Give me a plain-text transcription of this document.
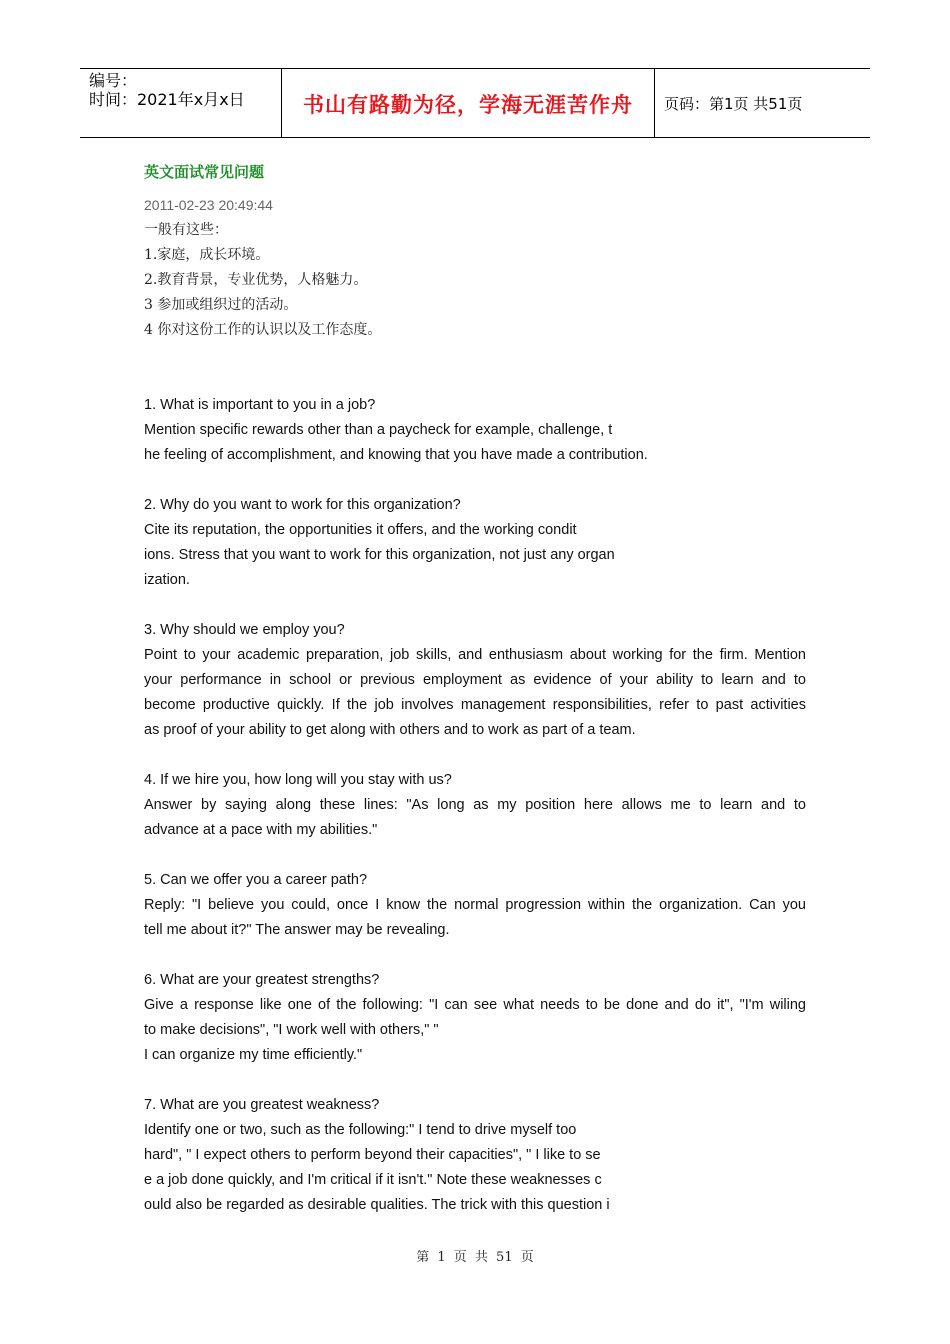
编号：
时间：2021年x月x日	书山有路勤为径，学海无涯苦作舟	页码：第1页 共51页
英文面试常见问题
2011-02-23 20:49:44
一般有这些：
1.家庭，成长环境。
2.教育背景，专业优势，人格魅力。
3 参加或组织过的活动。
4 你对这份工作的认识以及工作态度。
1. What is important to you in a job?
Mention specific rewards other than a paycheck for example, challenge, t
he feeling of accomplishment, and knowing that you have made a contribution.
2. Why do you want to work for this organization?
Cite its reputation, the opportunities it offers, and the working condit
ions. Stress that you want to work for this organization, not just any organ
ization.
3. Why should we employ you?
Point to your academic preparation, job skills, and enthusiasm about working for the firm. Mention
your performance in school or previous employment as evidence of your ability to learn and to
become productive quickly. If the job involves management responsibilities, refer to past activities
as proof of your ability to get along with others and to work as part of a team.
4. If we hire you, how long will you stay with us?
Answer by saying along these lines: "As long as my position here allows me to learn and to
advance at a pace with my abilities."
5. Can we offer you a career path?
Reply: "I believe you could, once I know the normal progression within the organization. Can you
tell me about it?" The answer may be revealing.
6. What are your greatest strengths?
Give a response like one of the following: "I can see what needs to be done and do it", "I'm wiling
to make decisions", "I work well with others," "
I can organize my time efficiently."
7. What are you greatest weakness?
Identify one or two, such as the following:" I tend to drive myself too
hard", " I expect others to perform beyond their capacities", " I like to se
e a job done quickly, and I'm critical if it isn't." Note these weaknesses c
ould also be regarded as desirable qualities. The trick with this question i
第 1 页 共 51 页
